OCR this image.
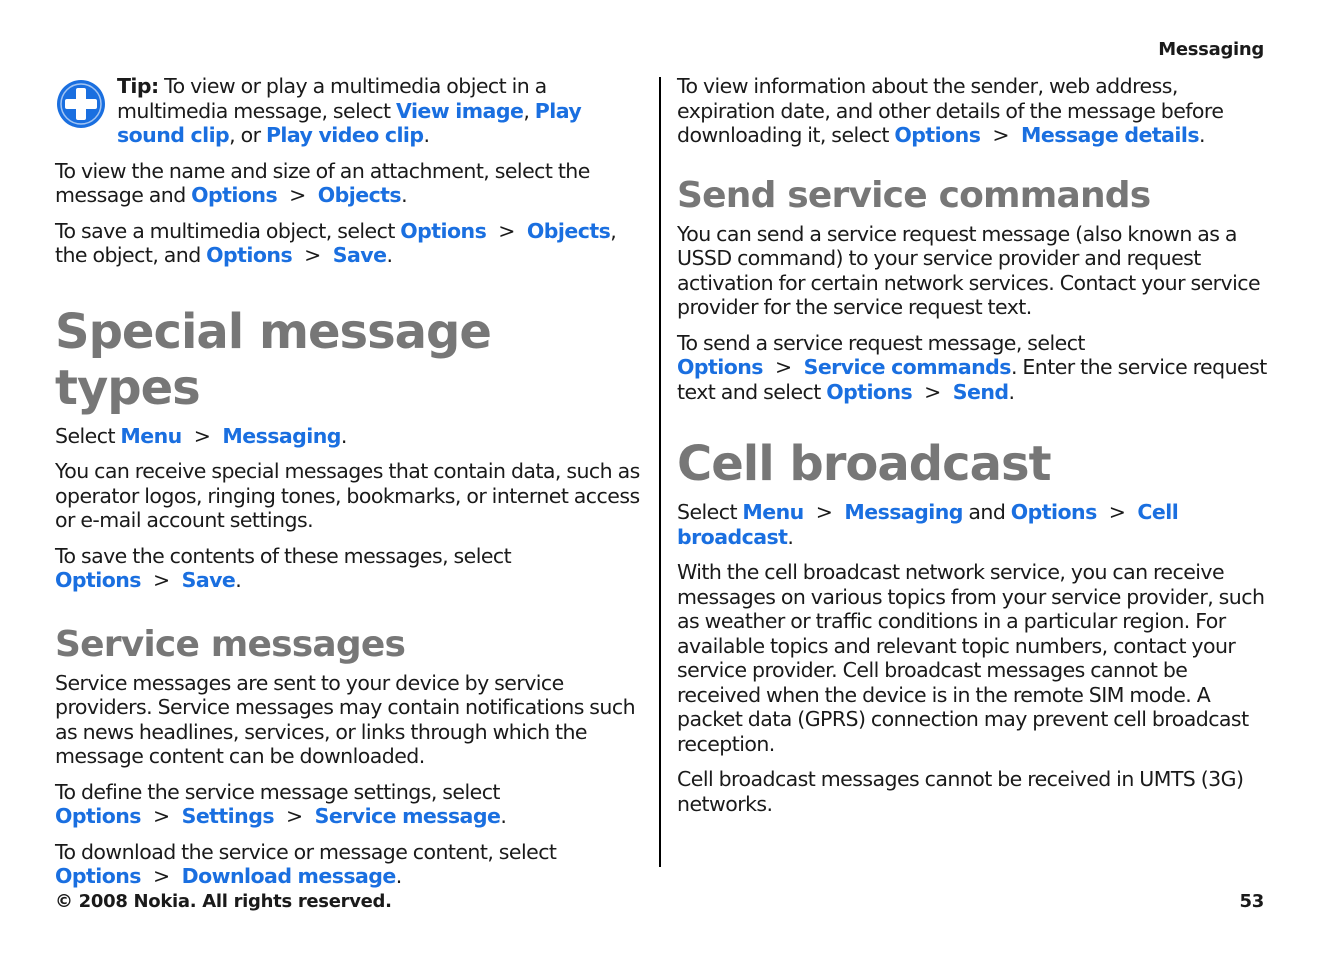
Messaging

Tip: To view or play a multimedia object in a multimedia message, select View image, Play sound clip, or Play video clip.

To view the name and size of an attachment, select the message and Options > Objects.

To save a multimedia object, select Options > Objects, the object, and Options > Save.

Special message types

Select Menu > Messaging.

You can receive special messages that contain data, such as operator logos, ringing tones, bookmarks, or internet access or e-mail account settings.

To save the contents of these messages, select Options > Save.

Service messages

Service messages are sent to your device by service providers. Service messages may contain notifications such as news headlines, services, or links through which the message content can be downloaded.

To define the service message settings, select Options > Settings > Service message.

To download the service or message content, select Options > Download message.

To view information about the sender, web address, expiration date, and other details of the message before downloading it, select Options > Message details.

Send service commands

You can send a service request message (also known as a USSD command) to your service provider and request activation for certain network services. Contact your service provider for the service request text.

To send a service request message, select Options > Service commands. Enter the service request text and select Options > Send.

Cell broadcast

Select Menu > Messaging and Options > Cell broadcast.

With the cell broadcast network service, you can receive messages on various topics from your service provider, such as weather or traffic conditions in a particular region. For available topics and relevant topic numbers, contact your service provider. Cell broadcast messages cannot be received when the device is in the remote SIM mode. A packet data (GPRS) connection may prevent cell broadcast reception.

Cell broadcast messages cannot be received in UMTS (3G) networks.

© 2008 Nokia. All rights reserved.	53
